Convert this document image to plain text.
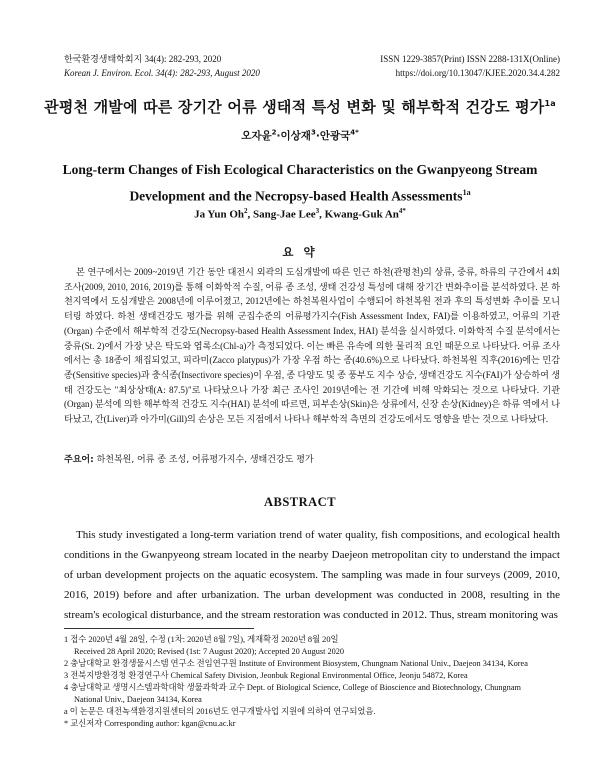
한국환경생태학회지 34(4): 282-293, 2020
Korean J. Environ. Ecol. 34(4): 282-293, August 2020
ISSN 1229-3857(Print) ISSN 2288-131X(Online)
https://doi.org/10.13047/KJEE.2020.34.4.282
관평천 개발에 따른 장기간 어류 생태적 특성 변화 및 해부학적 건강도 평가$^{1a}$
오자윤$^2$·이상재$^3$·안광국$^{4*}$
Long-term Changes of Fish Ecological Characteristics on the Gwanpyeong Stream
Development and the Necropsy-based Health Assessments$^{1a}$
Ja Yun Oh$^2$, Sang-Jae Lee$^3$, Kwang-Guk $An^{4*}$
요 약
본 연구에서는 2009~2019년 기간 동안 대전시 외곽의 도심개발에 따른 인근 하천(관평천)의 상류, 중류, 하류의 구간에서 4회 조사(2009, 2010, 2016, 2019)를 통해 이화학적 수질, 어류 종 조성, 생태 건강성 특성에 대해 장기간 변화추이를 분석하였다. 본 하천지역에서 도심개발은 2008년에 이루어졌고, 2012년에는 하천복원사업이 수행되어 하천복원 전과 후의 특성변화 추이를 모니터링 하였다. 하천 생태건강도 평가를 위해 군집수준의 어류평가지수(Fish Assessment Index, FAI)를 이용하였고, 어류의 기관(Organ) 수준에서 해부학적 건강도(Necropsy-based Health Assessment Index, HAI) 분석을 실시하였다. 이화학적 수질 분석에서는 중류(St. 2)에서 가장 낮은 탁도와 엽록소(Chl-a)가 측정되었다. 이는 빠른 유속에 의한 물리적 요인 때문으로 나타났다. 어류 조사에서는 총 18종이 채집되었고, 피라미(Zacco platypus)가 가장 우점 하는 종(40.6%)으로 나타났다. 하천복원 직후(2016)에는 민감종(Sensitive species)과 충식종(Insectivore species)이 우점, 종 다양도 및 종 풍부도 지수 상승, 생태건강도 지수(FAI)가 상승하여 생태 건강도는 "최상상태(A: 87.5)"로 나타났으나 가장 최근 조사인 2019년에는 전 기간에 비해 악화되는 것으로 나타났다. 기관(Organ) 분석에 의한 해부학적 건강도 지수(HAI) 분석에 따르면, 피부손상(Skin)은 상류에서, 신장 손상(Kidney)은 하류 역에서 나타났고, 간(Liver)과 아가미(Gill)의 손상은 모든 지점에서 나타나 해부학적 측면의 건강도에서도 영향을 받는 것으로 나타났다.
주요어: 하천복원, 어류 종 조성, 어류평가지수, 생태건강도 평가
ABSTRACT
This study investigated a long-term variation trend of water quality, fish compositions, and ecological health conditions in the Gwanpyeong stream located in the nearby Daejeon metropolitan city to understand the impact of urban development projects on the aquatic ecosystem. The sampling was made in four surveys (2009, 2010, 2016, 2019) before and after urbanization. The urban development was conducted in 2008, resulting in the stream's ecological disturbance, and the stream restoration was conducted in 2012. Thus, stream monitoring was
1 접수 2020년 4월 28일, 수정 (1차: 2020년 8월 7일), 게재확정 2020년 8월 20일
Received 28 April 2020; Revised (1st: 7 August 2020); Accepted 20 August 2020
2 충남대학교 환경생물시스템 연구소 전임연구원 Institute of Environment Biosystem, Chungnam National Univ., Daejeon 34134, Korea
3 전북지방환경청 환경연구사 Chemical Safety Division, Jeonbuk Regional Environmental Office, Jeonju 54872, Korea
4 충남대학교 생명시스템과학대학 생물과학과 교수 Dept. of Biological Science, College of Bioscience and Biotechnology, Chungnam
National Univ., Daejeon 34134, Korea
a 이 논문은 대전녹색환경지원센터의 2016년도 연구개발사업 지원에 의하여 연구되었음.
* 교신저자 Corresponding author: kgan@cnu.ac.kr
